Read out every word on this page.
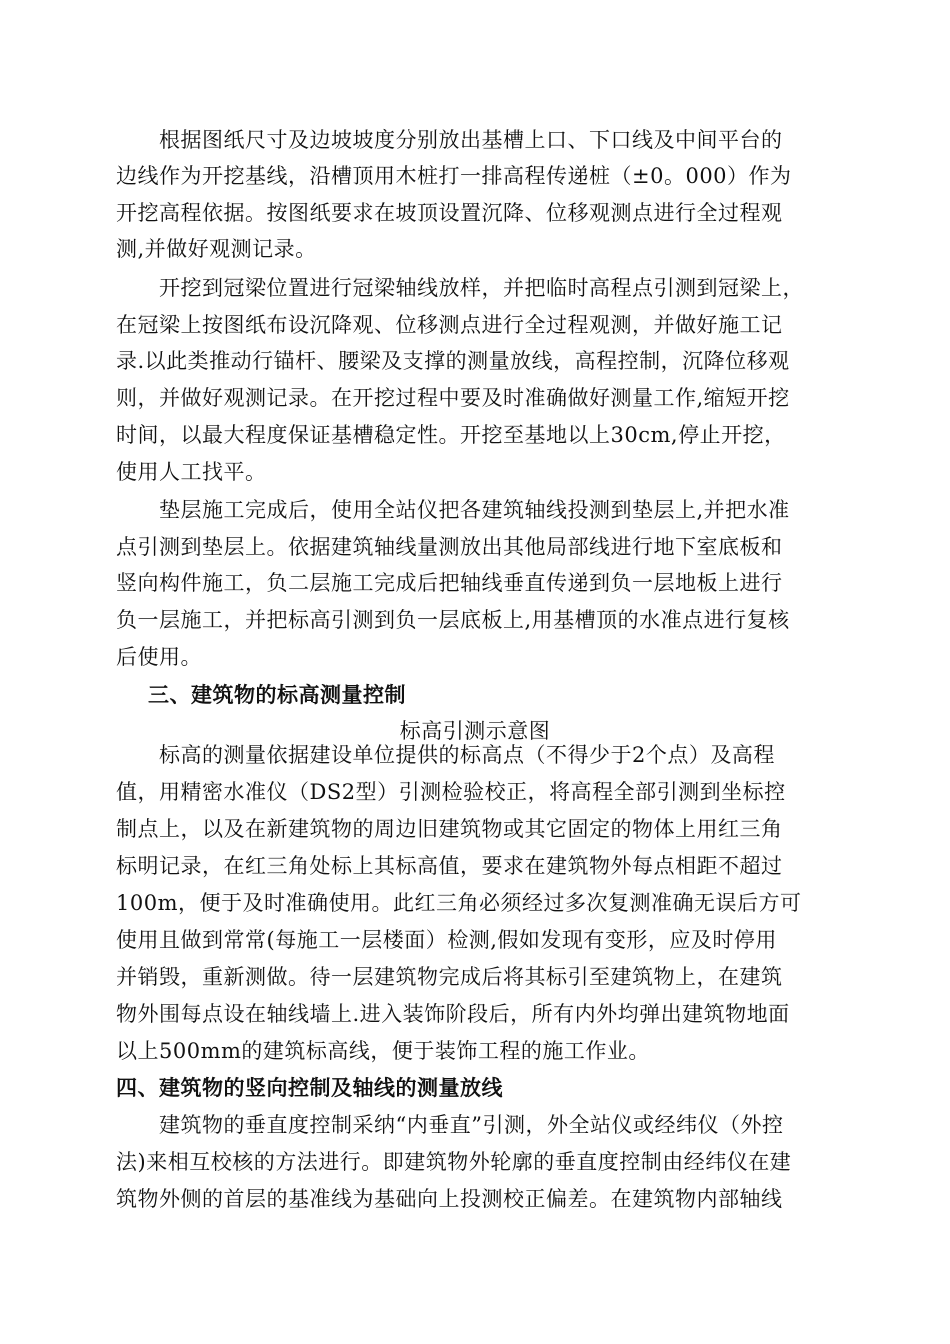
根据图纸尺寸及边坡坡度分别放出基槽上口、下口线及中间平台的
边线作为开挖基线，沿槽顶用木桩打一排高程传递桩（±0。000）作为
开挖高程依据。按图纸要求在坡顶设置沉降、位移观测点进行全过程观
测,并做好观测记录。
开挖到冠梁位置进行冠梁轴线放样，并把临时高程点引测到冠梁上，
在冠梁上按图纸布设沉降观、位移测点进行全过程观测，并做好施工记
录.以此类推动行锚杆、腰梁及支撑的测量放线，高程控制，沉降位移观
则，并做好观测记录。在开挖过程中要及时准确做好测量工作,缩短开挖
时间，以最大程度保证基槽稳定性。开挖至基地以上30cm,停止开挖，
使用人工找平。
垫层施工完成后，使用全站仪把各建筑轴线投测到垫层上,并把水准
点引测到垫层上。依据建筑轴线量测放出其他局部线进行地下室底板和
竖向构件施工，负二层施工完成后把轴线垂直传递到负一层地板上进行
负一层施工，并把标高引测到负一层底板上,用基槽顶的水准点进行复核
后使用。
三、建筑物的标高测量控制
标高引测示意图
标高的测量依据建设单位提供的标高点（不得少于2个点）及高程
值，用精密水准仪（DS2型）引测检验校正，将高程全部引测到坐标控
制点上，以及在新建筑物的周边旧建筑物或其它固定的物体上用红三角
标明记录，在红三角处标上其标高值，要求在建筑物外每点相距不超过
100m，便于及时准确使用。此红三角必须经过多次复测准确无误后方可
使用且做到常常(每施工一层楼面）检测,假如发现有变形，应及时停用
并销毁，重新测做。待一层建筑物完成后将其标引至建筑物上，在建筑
物外围每点设在轴线墙上.进入装饰阶段后，所有内外均弹出建筑物地面
以上500mm的建筑标高线，便于装饰工程的施工作业。
四、建筑物的竖向控制及轴线的测量放线
建筑物的垂直度控制采纳“内垂直”引测，外全站仪或经纬仪（外控
法)来相互校核的方法进行。即建筑物外轮廓的垂直度控制由经纬仪在建
筑物外侧的首层的基准线为基础向上投测校正偏差。在建筑物内部轴线
